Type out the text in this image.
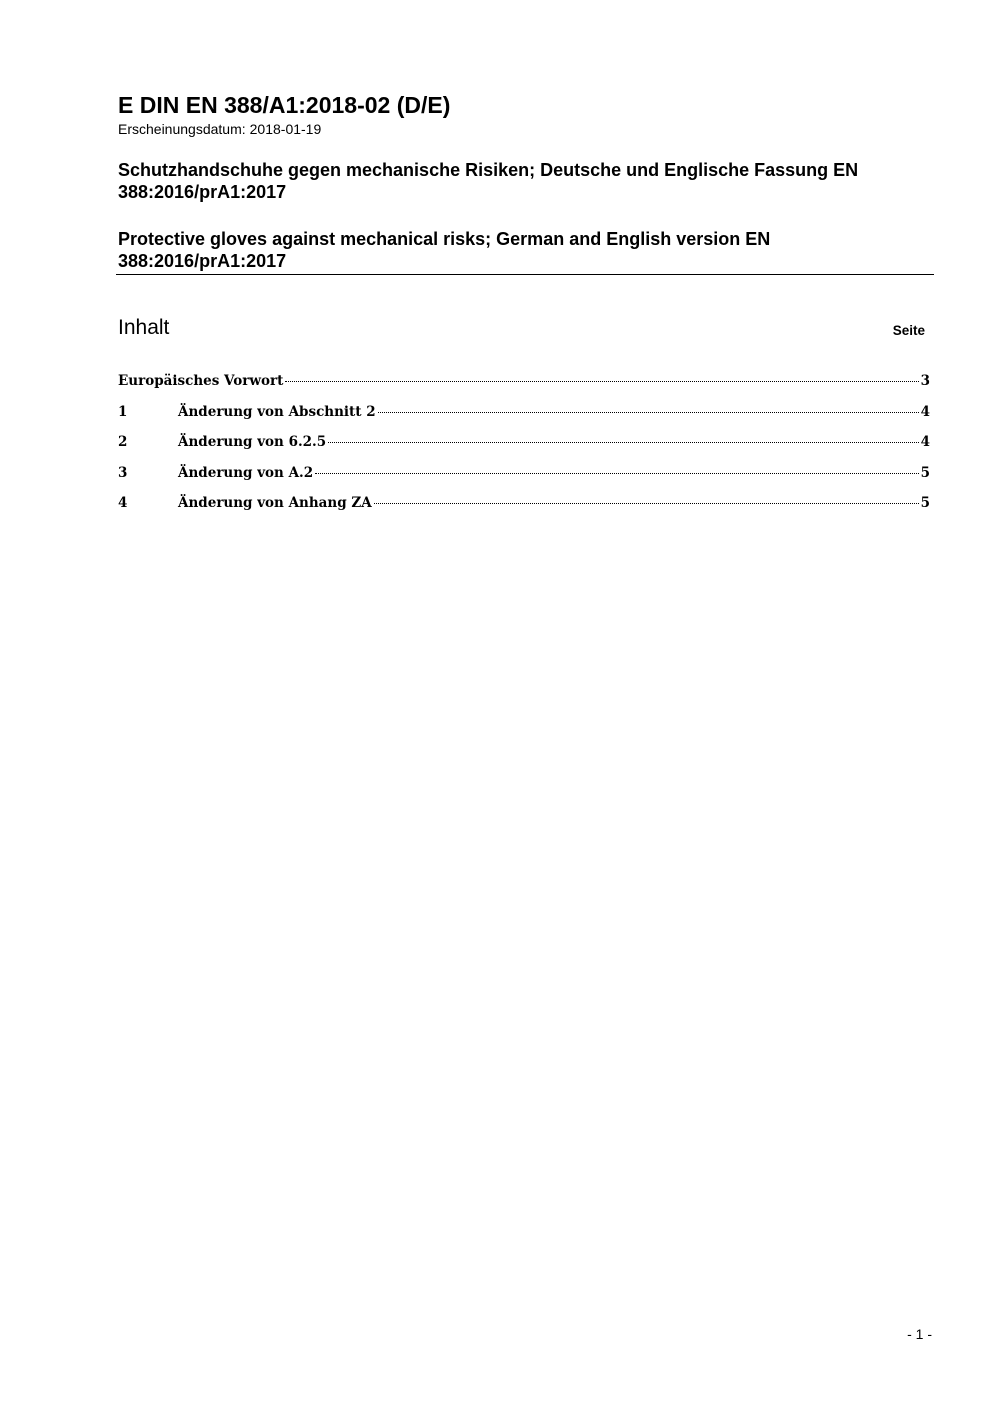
E DIN EN 388/A1:2018-02 (D/E)
Erscheinungsdatum: 2018-01-19
Schutzhandschuhe gegen mechanische Risiken; Deutsche und Englische Fassung EN 388:2016/prA1:2017
Protective gloves against mechanical risks; German and English version EN 388:2016/prA1:2017
Inhalt	Seite
Europäisches Vorwort	3
1	Änderung von Abschnitt 2	4
2	Änderung von 6.2.5	4
3	Änderung von A.2	5
4	Änderung von Anhang ZA	5
- 1 -
